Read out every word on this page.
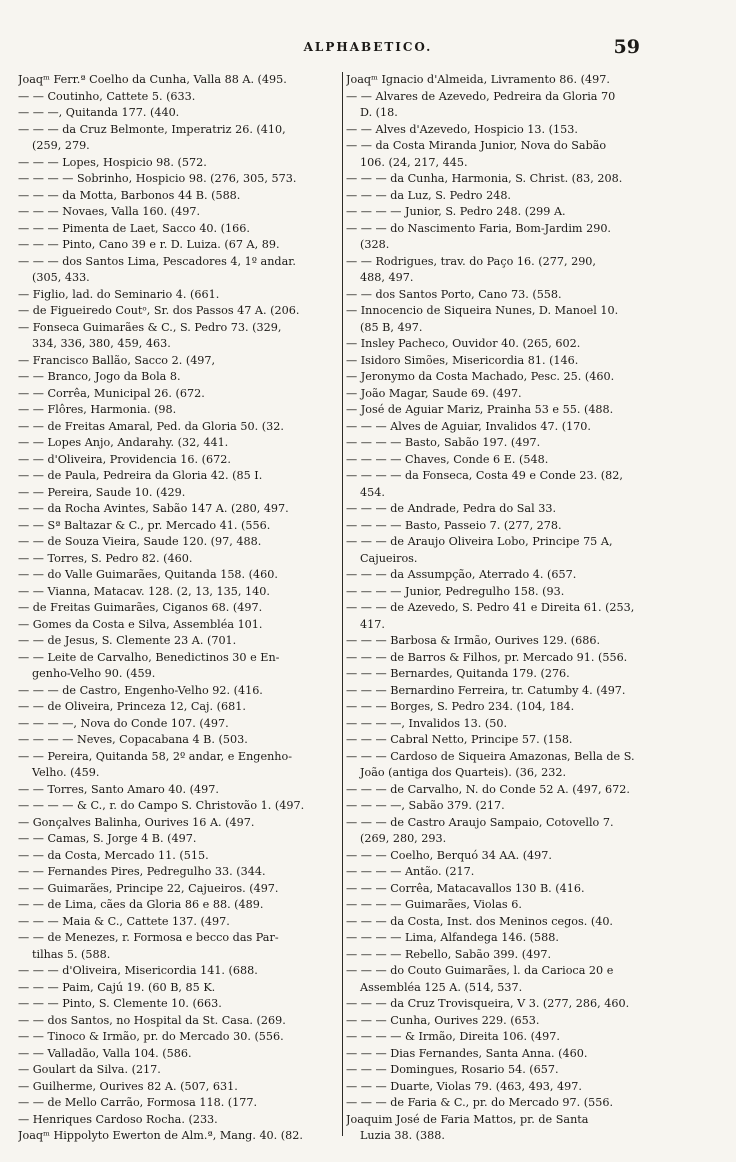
ALPHABETICO.	59
Joaqᵐ Ferr.ª Coelho da Cunha, Valla 88 A. (495.
— — Coutinho, Cattete 5. (633.
— — —, Quitanda 177. (440.
— — — da Cruz Belmonte, Imperatriz 26. (410,
(259, 279.
— — — Lopes, Hospicio 98. (572.
— — — — Sobrinho, Hospicio 98. (276, 305, 573.
— — — da Motta, Barbonos 44 B. (588.
— — — Novaes, Valla 160. (497.
— — — Pimenta de Laet, Sacco 40. (166.
— — — Pinto, Cano 39 e r. D. Luiza. (67 A, 89.
— — — dos Santos Lima, Pescadores 4, 1º andar.
(305, 433.
— Figlio, lad. do Seminario 4. (661.
— de Figueiredo Coutᵒ, Sr. dos Passos 47 A. (206.
— Fonseca Guimarães & C., S. Pedro 73. (329,
334, 336, 380, 459, 463.
— Francisco Ballão, Sacco 2. (497,
— — Branco, Jogo da Bola 8.
— — Corrêa, Municipal 26. (672.
— — Flôres, Harmonia. (98.
— — de Freitas Amaral, Ped. da Gloria 50. (32.
— — Lopes Anjo, Andarahy. (32, 441.
— — d'Oliveira, Providencia 16. (672.
— — de Paula, Pedreira da Gloria 42. (85 I.
— — Pereira, Saude 10. (429.
— — da Rocha Avintes, Sabão 147 A. (280, 497.
— — Sª Baltazar & C., pr. Mercado 41. (556.
— — de Souza Vieira, Saude 120. (97, 488.
— — Torres, S. Pedro 82. (460.
— — do Valle Guimarães, Quitanda 158. (460.
— — Vianna, Matacav. 128. (2, 13, 135, 140.
— de Freitas Guimarães, Ciganos 68. (497.
— Gomes da Costa e Silva, Assembléa 101.
— — de Jesus, S. Clemente 23 A. (701.
— — Leite de Carvalho, Benedictinos 30 e En-
genho-Velho 90. (459.
— — — de Castro, Engenho-Velho 92. (416.
— — de Oliveira, Princeza 12, Caj. (681.
— — — —, Nova do Conde 107. (497.
— — — — Neves, Copacabana 4 B. (503.
— — Pereira, Quitanda 58, 2º andar, e Engenho-
Velho. (459.
— — Torres, Santo Amaro 40. (497.
— — — — & C., r. do Campo S. Christovão 1. (497.
— Gonçalves Balinha, Ourives 16 A. (497.
— — Camas, S. Jorge 4 B. (497.
— — da Costa, Mercado 11. (515.
— — Fernandes Pires, Pedregulho 33. (344.
— — Guimarães, Principe 22, Cajueiros. (497.
— — de Lima, cães da Gloria 86 e 88. (489.
— — — Maia & C., Cattete 137. (497.
— — de Menezes, r. Formosa e becco das Par-
tilhas 5. (588.
— — — d'Oliveira, Misericordia 141. (688.
— — — Paim, Cajú 19. (60 B, 85 K.
— — — Pinto, S. Clemente 10. (663.
— — dos Santos, no Hospital da St. Casa. (269.
— — Tinoco & Irmão, pr. do Mercado 30. (556.
— — Valladão, Valla 104. (586.
— Goulart da Silva. (217.
— Guilherme, Ourives 82 A. (507, 631.
— — de Mello Carrão, Formosa 118. (177.
— Henriques Cardoso Rocha. (233.
Joaqᵐ Hippolyto Ewerton de Alm.ª, Mang. 40. (82.
Joaqᵐ Ignacio d'Almeida, Livramento 86. (497.
— — Alvares de Azevedo, Pedreira da Gloria 70
D. (18.
— — Alves d'Azevedo, Hospicio 13. (153.
— — da Costa Miranda Junior, Nova do Sabão
106. (24, 217, 445.
— — — da Cunha, Harmonia, S. Christ. (83, 208.
— — — da Luz, S. Pedro 248.
— — — — Junior, S. Pedro 248. (299 A.
— — — do Nascimento Faria, Bom-Jardim 290.
(328.
— — Rodrigues, trav. do Paço 16. (277, 290,
488, 497.
— — dos Santos Porto, Cano 73. (558.
— Innocencio de Siqueira Nunes, D. Manoel 10.
(85 B, 497.
— Insley Pacheco, Ouvidor 40. (265, 602.
— Isidoro Simões, Misericordia 81. (146.
— Jeronymo da Costa Machado, Pesc. 25. (460.
— João Magar, Saude 69. (497.
— José de Aguiar Mariz, Prainha 53 e 55. (488.
— — — Alves de Aguiar, Invalidos 47. (170.
— — — — Basto, Sabão 197. (497.
— — — — Chaves, Conde 6 E. (548.
— — — — da Fonseca, Costa 49 e Conde 23. (82,
454.
— — — de Andrade, Pedra do Sal 33.
— — — — Basto, Passeio 7. (277, 278.
— — — de Araujo Oliveira Lobo, Principe 75 A,
Cajueiros.
— — — da Assumpção, Aterrado 4. (657.
— — — — Junior, Pedregulho 158. (93.
— — — de Azevedo, S. Pedro 41 e Direita 61. (253,
417.
— — — Barbosa & Irmão, Ourives 129. (686.
— — — de Barros & Filhos, pr. Mercado 91. (556.
— — — Bernardes, Quitanda 179. (276.
— — — Bernardino Ferreira, tr. Catumby 4. (497.
— — — Borges, S. Pedro 234. (104, 184.
— — — —, Invalidos 13. (50.
— — — Cabral Netto, Principe 57. (158.
— — — Cardoso de Siqueira Amazonas, Bella de S.
João (antiga dos Quarteis). (36, 232.
— — — de Carvalho, N. do Conde 52 A. (497, 672.
— — — —, Sabão 379. (217.
— — — de Castro Araujo Sampaio, Cotovello 7.
(269, 280, 293.
— — — Coelho, Berquó 34 AA. (497.
— — — — Antão. (217.
— — — Corrêa, Matacavallos 130 B. (416.
— — — — Guimarães, Violas 6.
— — — da Costa, Inst. dos Meninos cegos. (40.
— — — — Lima, Alfandega 146. (588.
— — — — Rebello, Sabão 399. (497.
— — — do Couto Guimarães, l. da Carioca 20 e
Assembléa 125 A. (514, 537.
— — — da Cruz Trovisqueira, V 3. (277, 286, 460.
— — — Cunha, Ourives 229. (653.
— — — — & Irmão, Direita 106. (497.
— — — Dias Fernandes, Santa Anna. (460.
— — — Domingues, Rosario 54. (657.
— — — Duarte, Violas 79. (463, 493, 497.
— — — de Faria & C., pr. do Mercado 97. (556.
Joaquim José de Faria Mattos, pr. de Santa
Luzia 38. (388.
